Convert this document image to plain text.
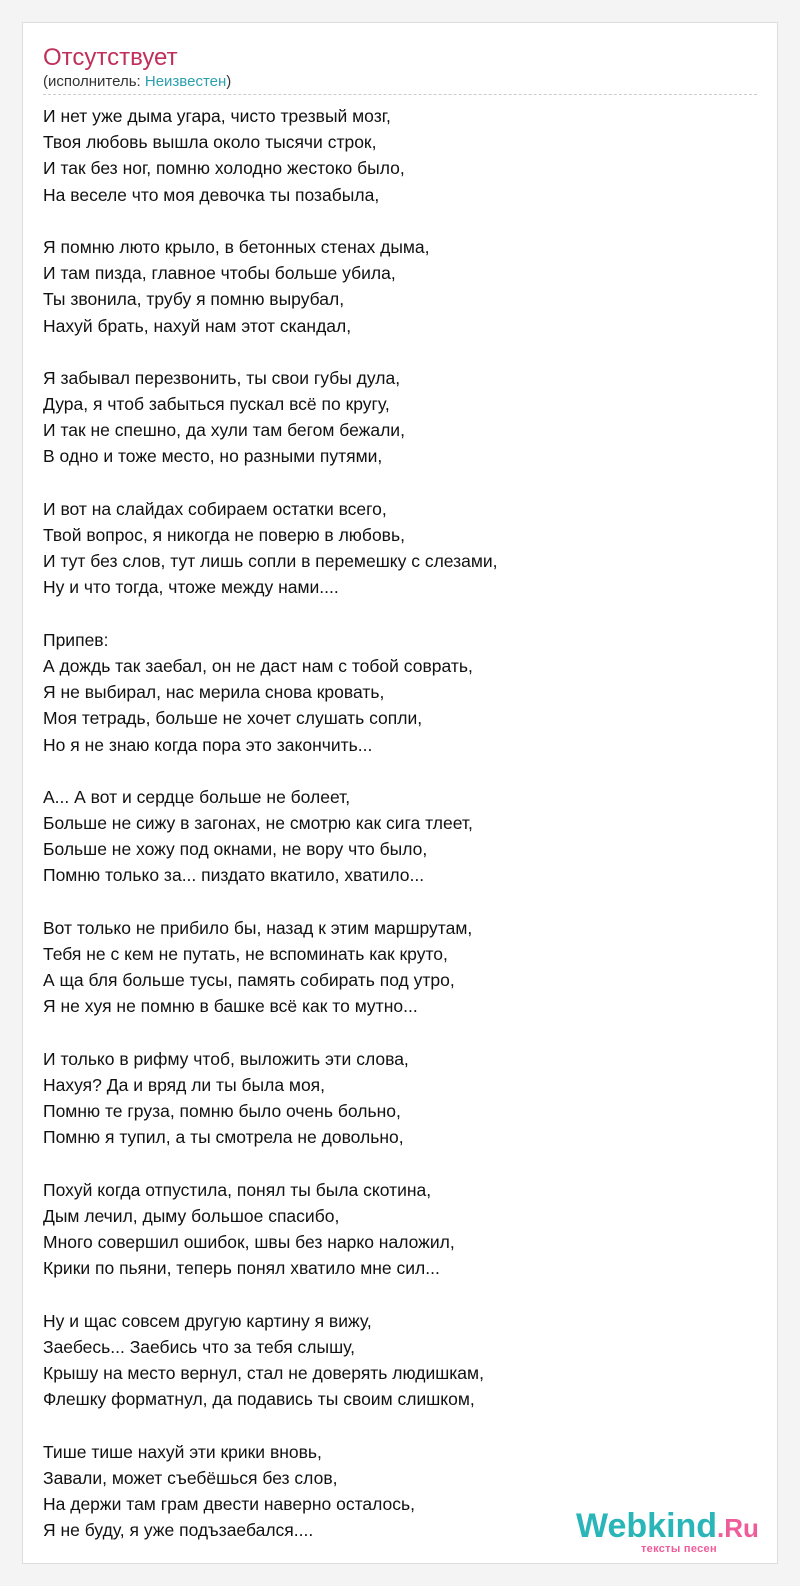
Отсутствует
(исполнитель: Неизвестен)
И нет уже дыма угара, чисто трезвый мозг,
Твоя любовь вышла около тысячи строк,
И так без ног, помню холодно жестоко было,
На веселе что моя девочка ты позабыла,
Я помню люто крыло, в бетонных стенах дыма,
И там пизда, главное чтобы больше убила,
Ты звонила, трубу я помню вырубал,
Нахуй брать, нахуй нам этот скандал,
Я забывал перезвонить, ты свои губы дула,
Дура, я чтоб забыться пускал всё по кругу,
И так не спешно, да хули там бегом бежали,
В одно и тоже место, но разными путями,
И вот на слайдах собираем остатки всего,
Твой вопрос, я никогда не поверю в любовь,
И тут без слов, тут лишь сопли в перемешку с слезами,
Ну и что тогда, чтоже между нами....
Припев:
А дождь так заебал, он не даст нам с тобой соврать,
Я не выбирал, нас мерила снова кровать,
Моя тетрадь, больше не хочет слушать сопли,
Но я не знаю когда пора это закончить...
А... А вот и сердце больше не болеет,
Больше не сижу в загонах, не смотрю как сига тлеет,
Больше не хожу под окнами, не вору что было,
Помню только за... пиздато вкатило, хватило...
Вот только не прибило бы, назад к этим маршрутам,
Тебя не с кем не путать, не вспоминать как круто,
А ща бля больше тусы, память собирать под утро,
Я не хуя не помню в башке всё как то мутно...
И только в рифму чтоб, выложить эти слова,
Нахуя? Да и вряд ли ты была моя,
Помню те груза, помню было очень больно,
Помню я тупил, а ты смотрела не довольно,
Похуй когда отпустила, понял ты была скотина,
Дым лечил, дыму большое спасибо,
Много совершил ошибок, швы без нарко наложил,
Крики по пьяни, теперь понял хватило мне сил...
Ну и щас совсем другую картину я вижу,
Заебесь... Заебись что за тебя слышу,
Крышу на место вернул, стал не доверять людишкам,
Флешку форматнул, да подавись ты своим слишком,
Тише тише нахуй эти крики вновь,
Завали, может съебёшься без слов,
На держи там грам двести наверно осталось,
Я не буду, я уже подъзаебался....	Webkind.Ru
тексты песен
